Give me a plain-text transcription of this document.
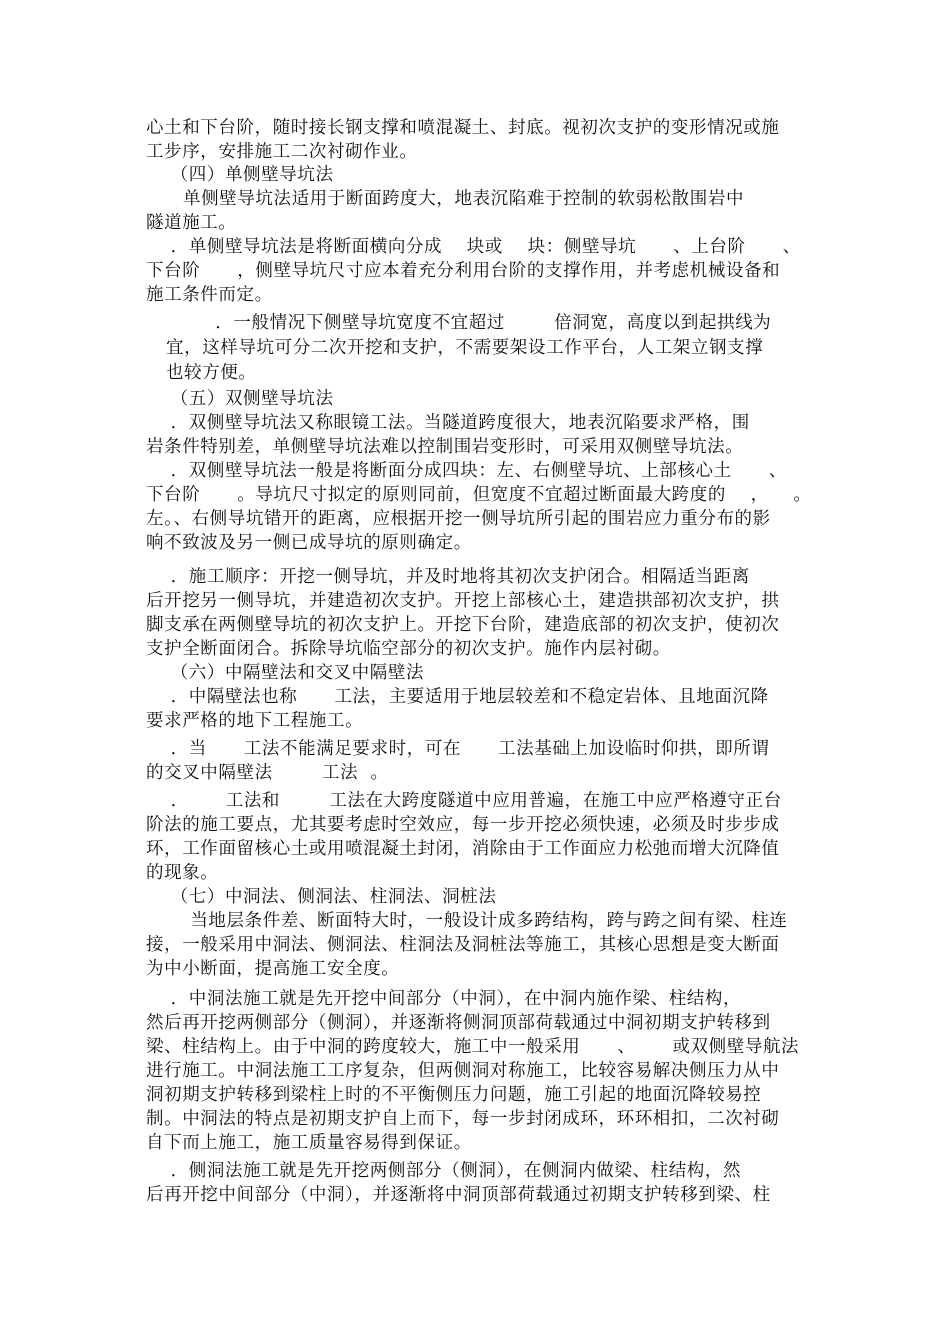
心土和下台阶，随时接长钢支撑和喷混凝土、封底。视初次支护的变形情况或施
工步序，安排施工二次衬砌作业。
（四）单侧壁导坑法
单侧壁导坑法适用于断面跨度大，地表沉陷难于控制的软弱松散围岩中
隧道施工。
．单侧壁导坑法是将断面横向分成    块或    块：侧壁导坑      、上台阶      、
下台阶      ，侧壁导坑尺寸应本着充分利用台阶的支撑作用，并考虑机械设备和
施工条件而定。
．一般情况下侧壁导坑宽度不宜超过        倍洞宽，高度以到起拱线为
宜，这样导坑可分二次开挖和支护，不需要架设工作平台，人工架立钢支撑
也较方便。
（五）双侧壁导坑法
．双侧壁导坑法又称眼镜工法。当隧道跨度很大，地表沉陷要求严格，围
岩条件特别差，单侧壁导坑法难以控制围岩变形时，可采用双侧壁导坑法。
．双侧壁导坑法一般是将断面分成四块：左、右侧壁导坑、上部核心土      、
下台阶      。导坑尺寸拟定的原则同前，但宽度不宜超过断面最大跨度的    ，    。
左。、右侧导坑错开的距离，应根据开挖一侧导坑所引起的围岩应力重分布的影
响不致波及另一侧已成导坑的原则确定。
．施工顺序：开挖一侧导坑，并及时地将其初次支护闭合。相隔适当距离
后开挖另一侧导坑，并建造初次支护。开挖上部核心土，建造拱部初次支护，拱
脚支承在两侧壁导坑的初次支护上。开挖下台阶，建造底部的初次支护，使初次
支护全断面闭合。拆除导坑临空部分的初次支护。施作内层衬砌。
（六）中隔壁法和交叉中隔壁法
．中隔壁法也称      工法，主要适用于地层较差和不稳定岩体、且地面沉降
要求严格的地下工程施工。
．当      工法不能满足要求时，可在      工法基础上加设临时仰拱，即所谓
的交叉中隔壁法        工法  。
．      工法和        工法在大跨度隧道中应用普遍，在施工中应严格遵守正台
阶法的施工要点，尤其要考虑时空效应，每一步开挖必须快速，必须及时步步成
环，工作面留核心土或用喷混凝土封闭，消除由于工作面应力松弛而增大沉降值
的现象。
（七）中洞法、侧洞法、柱洞法、洞桩法
当地层条件差、断面特大时，一般设计成多跨结构，跨与跨之间有梁、柱连
接，一般采用中洞法、侧洞法、柱洞法及洞桩法等施工，其核心思想是变大断面
为中小断面，提高施工安全度。
．中洞法施工就是先开挖中间部分（中洞），在中洞内施作梁、柱结构，
然后再开挖两侧部分（侧洞），并逐渐将侧洞顶部荷载通过中洞初期支护转移到
梁、柱结构上。由于中洞的跨度较大，施工中一般采用      、      或双侧壁导航法
进行施工。中洞法施工工序复杂，但两侧洞对称施工，比较容易解决侧压力从中
洞初期支护转移到梁柱上时的不平衡侧压力问题，施工引起的地面沉降较易控
制。中洞法的特点是初期支护自上而下，每一步封闭成环，环环相扣，二次衬砌
自下而上施工，施工质量容易得到保证。
．侧洞法施工就是先开挖两侧部分（侧洞），在侧洞内做梁、柱结构，然
后再开挖中间部分（中洞），并逐渐将中洞顶部荷载通过初期支护转移到梁、柱
